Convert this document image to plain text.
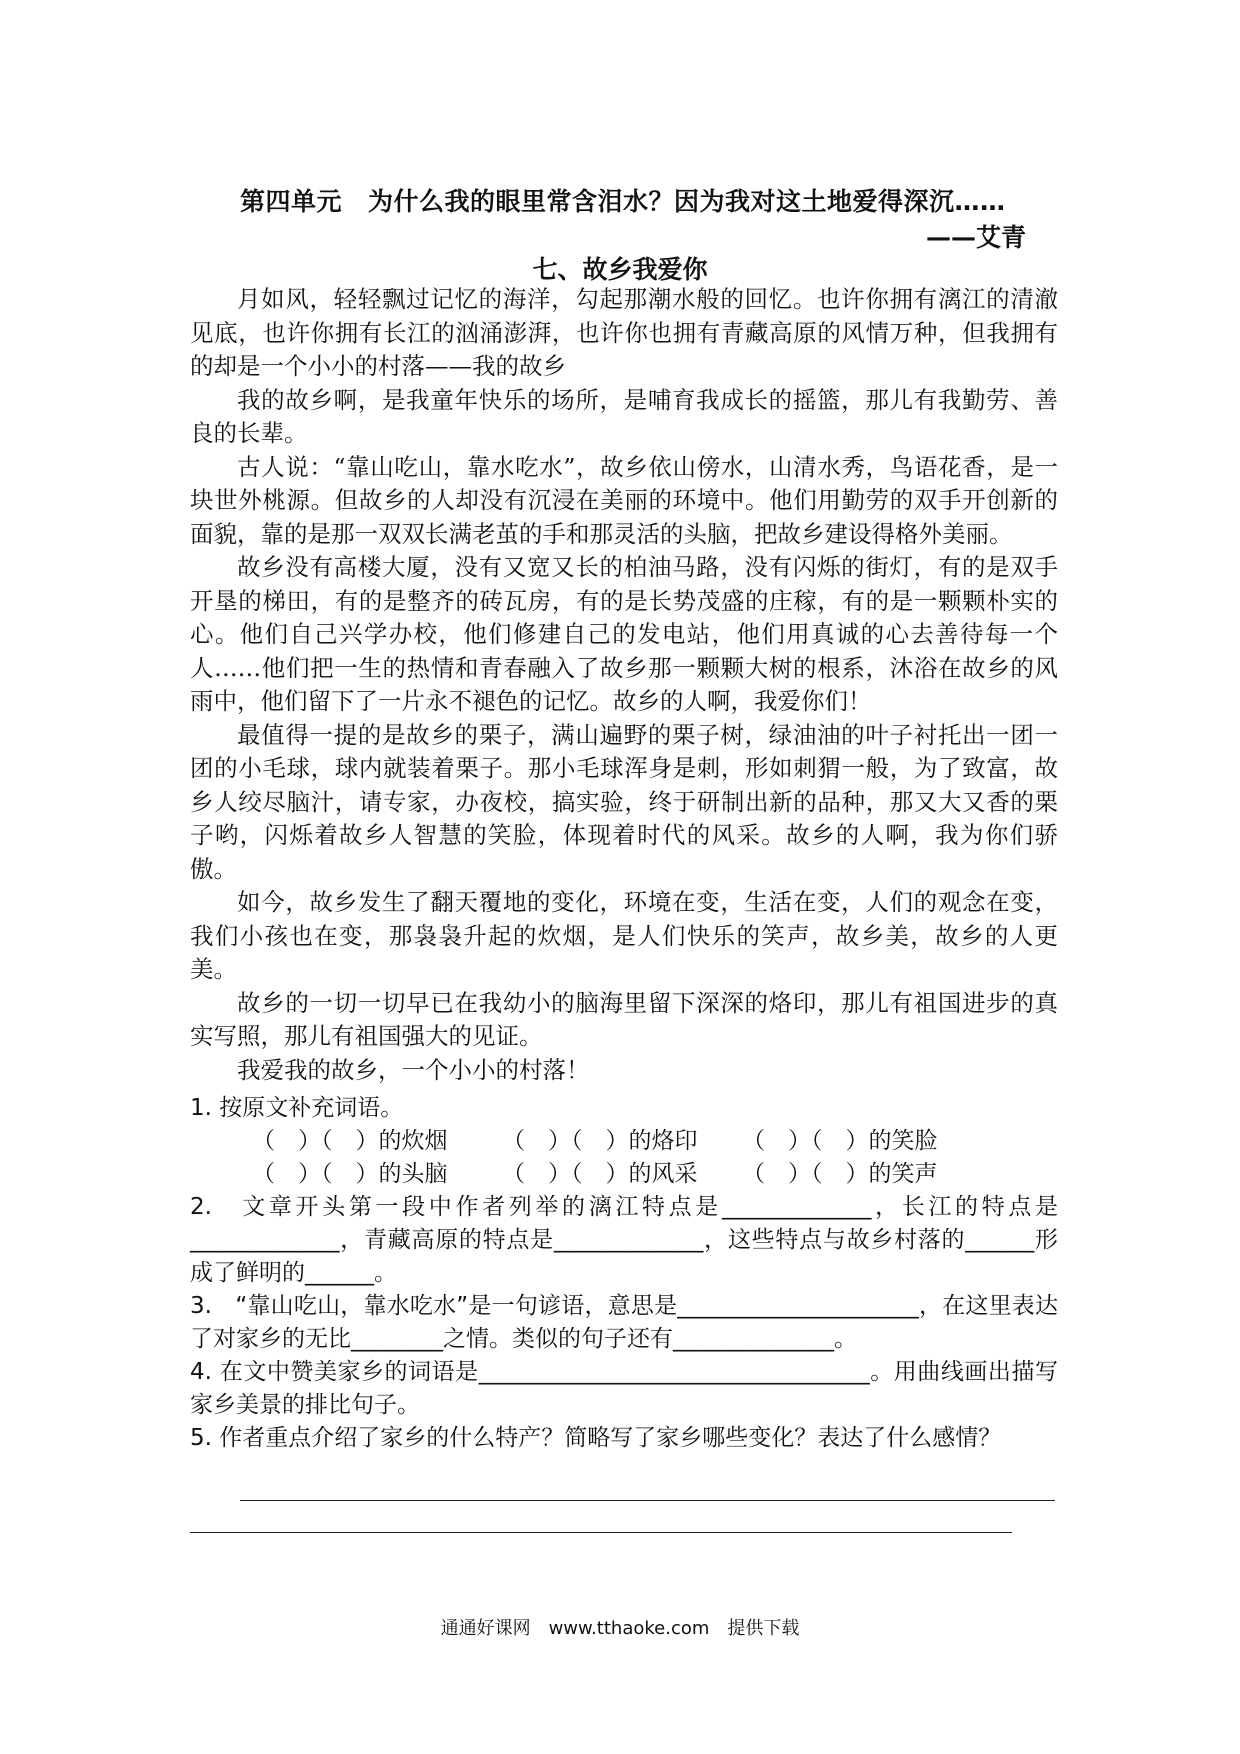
第四单元 为什么我的眼里常含泪水？因为我对这土地爱得深沉……
——艾青
七、故乡我爱你

月如风，轻轻飘过记忆的海洋，勾起那潮水般的回忆。也许你拥有漓江的清澈见底，也许你拥有长江的汹涌澎湃，也许你也拥有青藏高原的风情万种，但我拥有的却是一个小小的村落——我的故乡

我的故乡啊，是我童年快乐的场所，是哺育我成长的摇篮，那儿有我勤劳、善良的长辈。

古人说：“靠山吃山，靠水吃水”，故乡依山傍水，山清水秀，鸟语花香，是一块世外桃源。但故乡的人却没有沉浸在美丽的环境中。他们用勤劳的双手开创新的面貌，靠的是那一双双长满老茧的手和那灵活的头脑，把故乡建设得格外美丽。

故乡没有高楼大厦，没有又宽又长的柏油马路，没有闪烁的街灯，有的是双手开垦的梯田，有的是整齐的砖瓦房，有的是长势茂盛的庄稼，有的是一颗颗朴实的心。他们自己兴学办校，他们修建自己的发电站，他们用真诚的心去善待每一个人……他们把一生的热情和青春融入了故乡那一颗颗大树的根系，沐浴在故乡的风雨中，他们留下了一片永不褪色的记忆。故乡的人啊，我爱你们！

最值得一提的是故乡的栗子，满山遍野的栗子树，绿油油的叶子衬托出一团一团的小毛球，球内就装着栗子。那小毛球浑身是刺，形如刺猬一般，为了致富，故乡人绞尽脑汁，请专家，办夜校，搞实验，终于研制出新的品种，那又大又香的栗子哟，闪烁着故乡人智慧的笑脸，体现着时代的风采。故乡的人啊，我为你们骄傲。

如今，故乡发生了翻天覆地的变化，环境在变，生活在变，人们的观念在变，我们小孩也在变，那袅袅升起的炊烟，是人们快乐的笑声，故乡美，故乡的人更美。

故乡的一切一切早已在我幼小的脑海里留下深深的烙印，那儿有祖国进步的真实写照，那儿有祖国强大的见证。

我爱我的故乡，一个小小的村落！

1. 按原文补充词语。

（　）（　）的炊烟	（　）（　）的烙印	（　）（　）的笑脸
（　）（　）的头脑	（　）（　）的风采	（　）（　）的笑声

2.　文章开头第一段中作者列举的漓江特点是_____________，长江的特点是_____________，青藏高原的特点是_____________，这些特点与故乡村落的______形成了鲜明的______。

3.　“靠山吃山，靠水吃水”是一句谚语，意思是_____________________，在这里表达了对家乡的无比________之情。类似的句子还有______________。

4. 在文中赞美家乡的词语是__________________________________。用曲线画出描写家乡美景的排比句子。

5. 作者重点介绍了家乡的什么特产？简略写了家乡哪些变化？表达了什么感情？

通通好课网　www.tthaoke.com　提供下载
